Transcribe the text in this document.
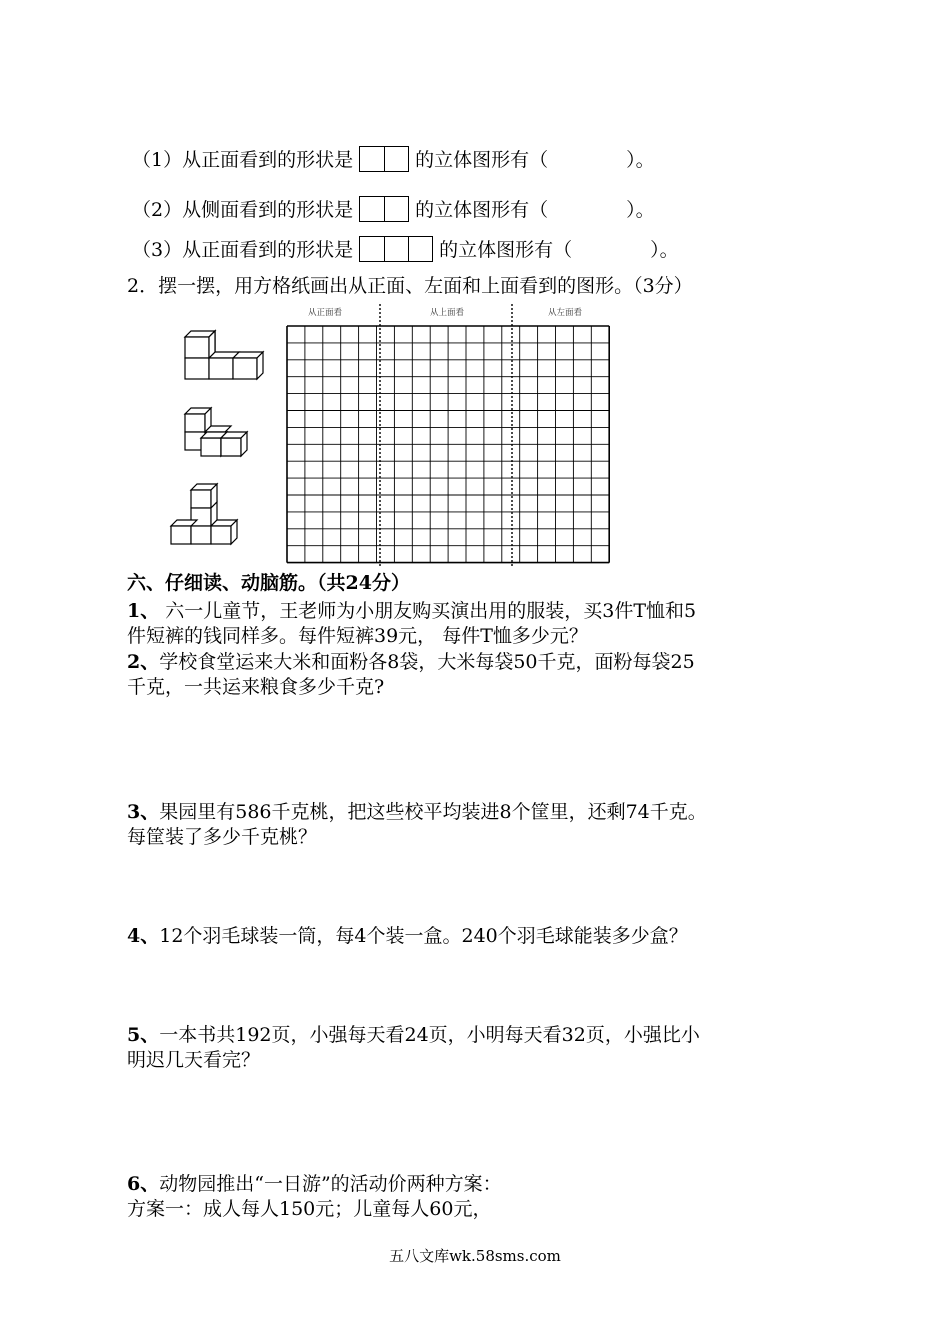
（1）从正面看到的形状是	的立体图形有（	）。
（2）从侧面看到的形状是	的立体图形有（	）。
（3）从正面看到的形状是	的立体图形有（	）。
2．摆一摆，用方格纸画出从正面、左面和上面看到的图形。（3分）
从正面看	从上面看	从左面看
六、仔细读、动脑筋。（共24分）
1、 六一儿童节，王老师为小朋友购买演出用的服装，买3件T恤和5
件短裤的钱同样多。每件短裤39元， 每件T恤多少元？
2、学校食堂运来大米和面粉各8袋，大米每袋50千克，面粉每袋25
千克，一共运来粮食多少千克?
3、果园里有586千克桃，把这些校平均装进8个筐里，还剩74千克。
每筐装了多少千克桃？
4、12个羽毛球装一筒，每4个装一盒。240个羽毛球能装多少盒？
5、一本书共192页，小强每天看24页，小明每天看32页，小强比小
明迟几天看完？
6、动物园推出“一日游”的活动价两种方案：
方案一：成人每人150元；儿童每人60元，
五八文库wk.58sms.com
